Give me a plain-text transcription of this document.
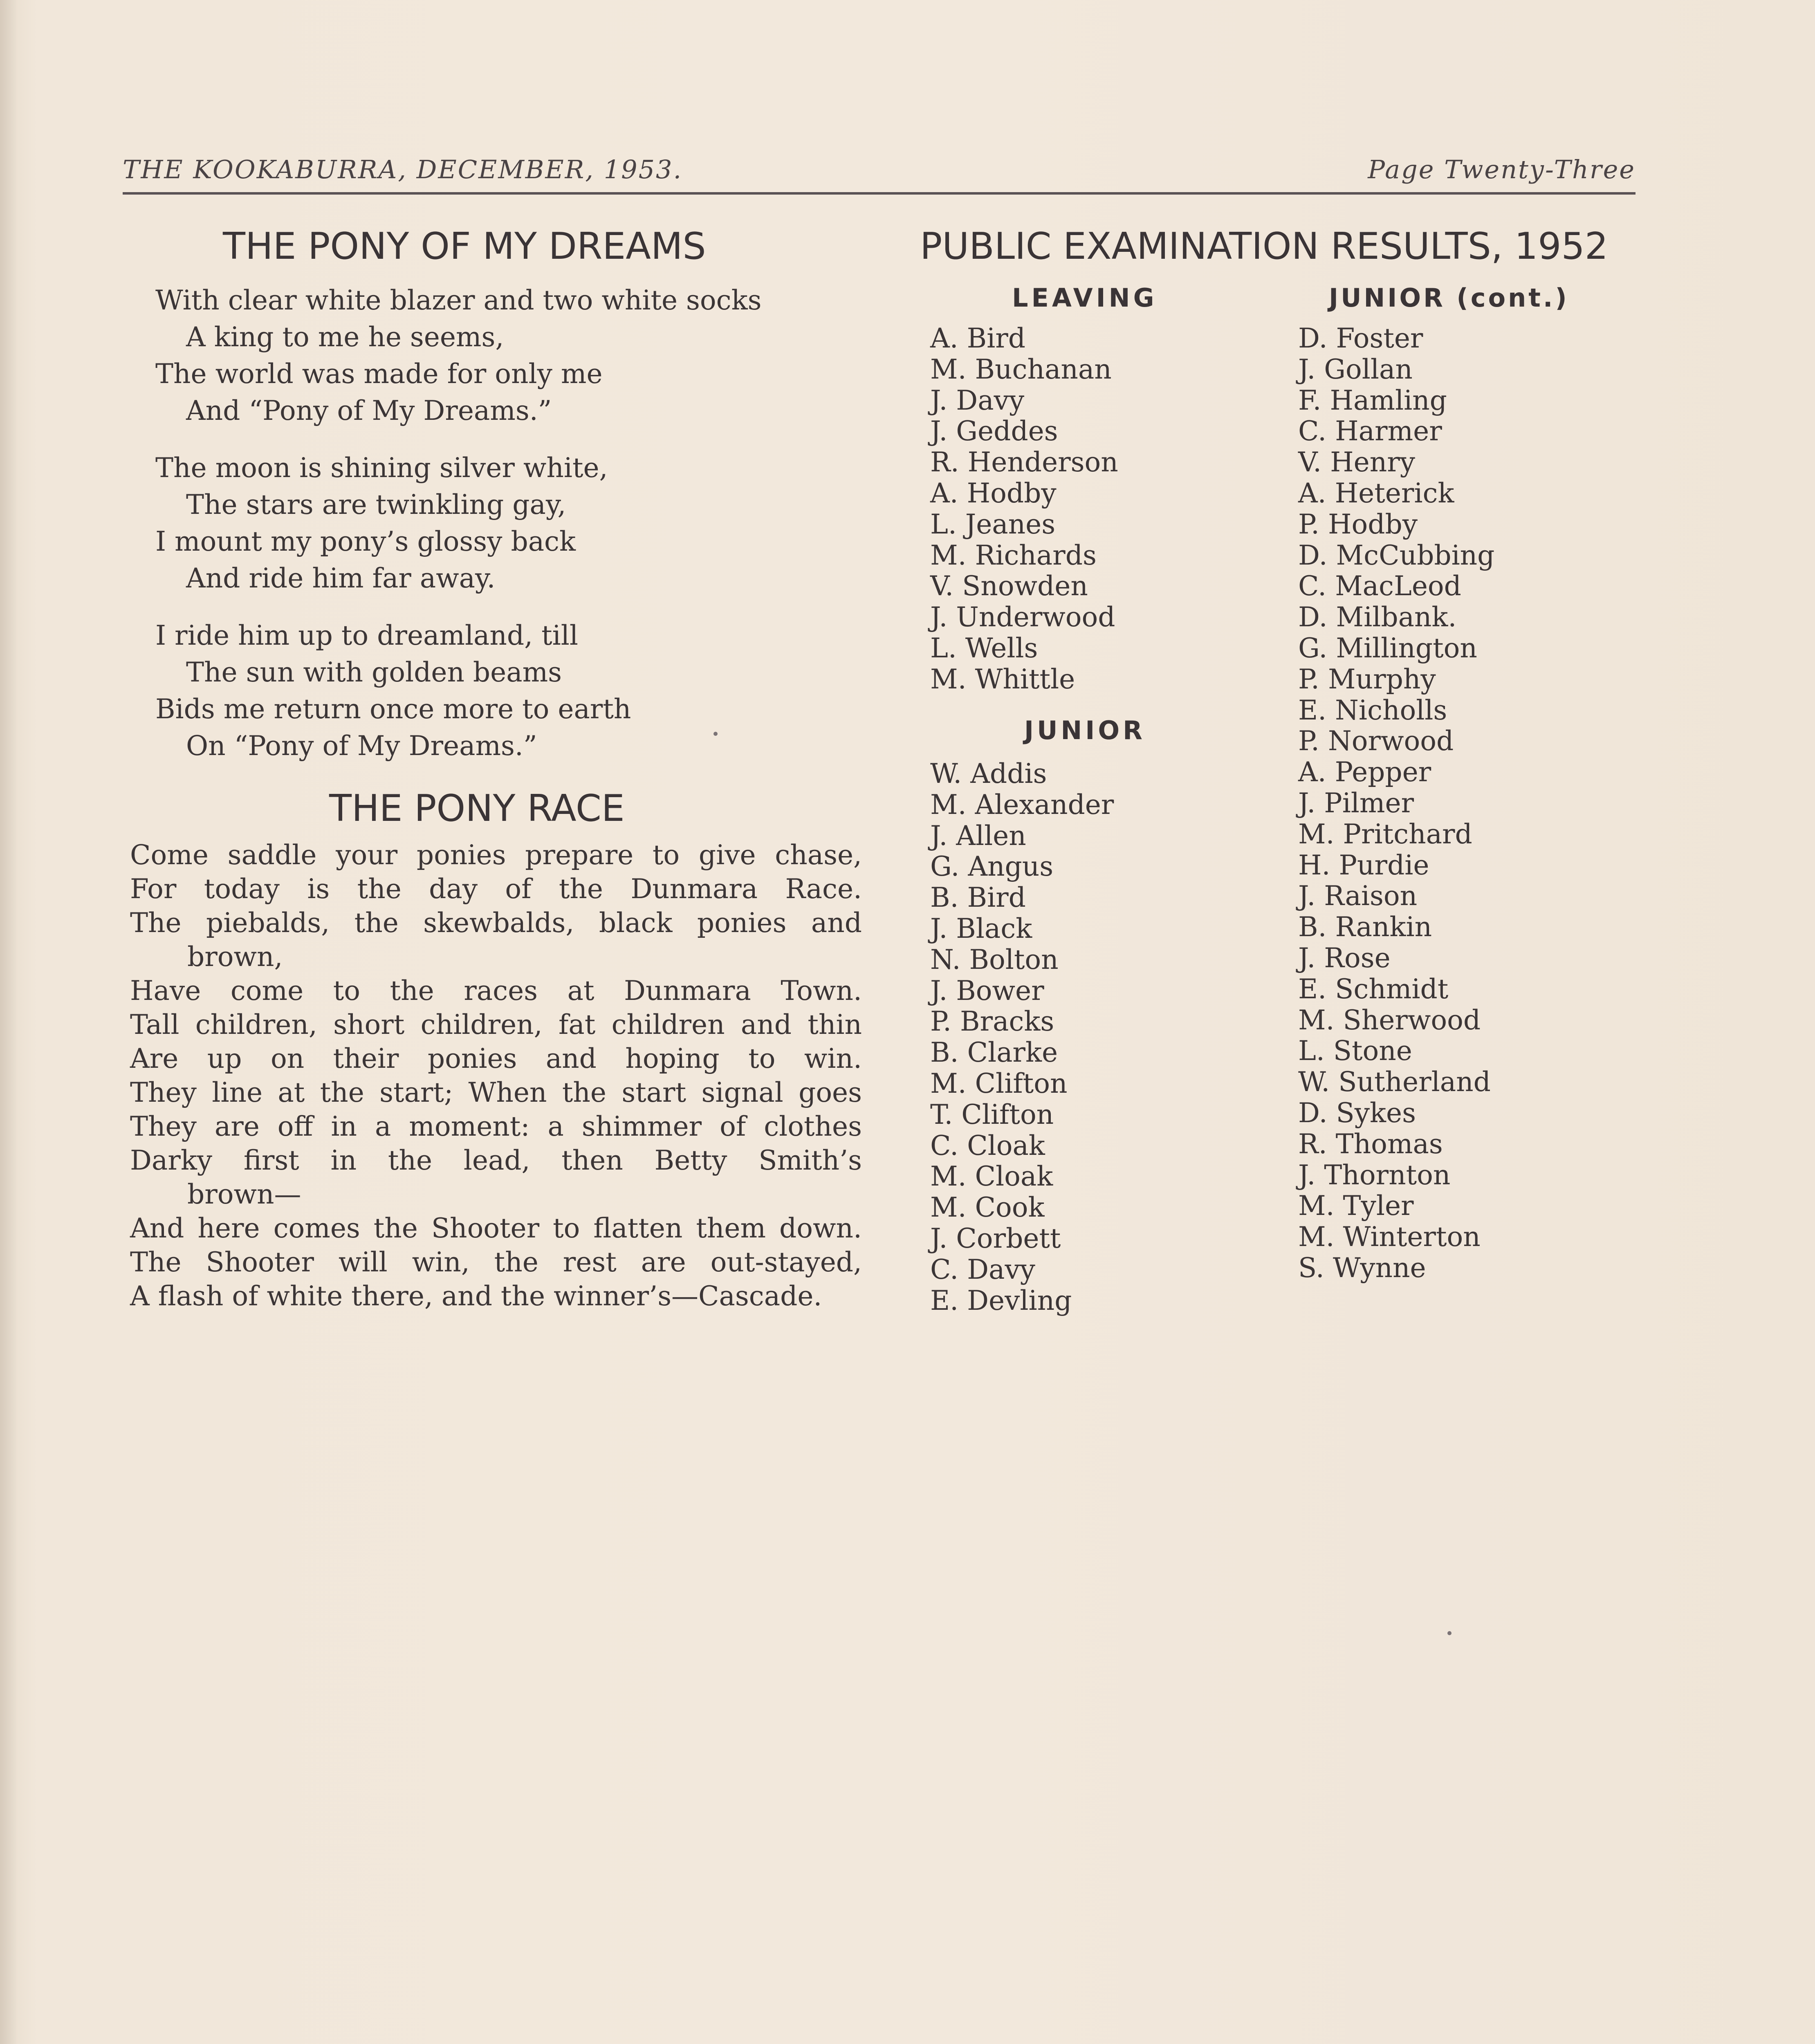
THE KOOKABURRA, DECEMBER, 1953.	Page Twenty-Three
THE PONY OF MY DREAMS
With clear white blazer and two white socks
A king to me he seems,
The world was made for only me
And “Pony of My Dreams.”
The moon is shining silver white,
The stars are twinkling gay,
I mount my pony’s glossy back
And ride him far away.
I ride him up to dreamland, till
The sun with golden beams
Bids me return once more to earth
On “Pony of My Dreams.”
THE PONY RACE
Come saddle your ponies prepare to give chase,
For today is the day of the Dunmara Race.
The piebalds, the skewbalds, black ponies and
brown,
Have come to the races at Dunmara Town.
Tall children, short children, fat children and thin
Are up on their ponies and hoping to win.
They line at the start; When the start signal goes
They are off in a moment: a shimmer of clothes
Darky first in the lead, then Betty Smith’s
brown—
And here comes the Shooter to flatten them down.
The Shooter will win, the rest are out-stayed,
A flash of white there, and the winner’s—Cascade.
PUBLIC EXAMINATION RESULTS, 1952
LEAVING
A. Bird
M. Buchanan
J. Davy
J. Geddes
R. Henderson
A. Hodby
L. Jeanes
M. Richards
V. Snowden
J. Underwood
L. Wells
M. Whittle
JUNIOR
W. Addis
M. Alexander
J. Allen
G. Angus
B. Bird
J. Black
N. Bolton
J. Bower
P. Bracks
B. Clarke
M. Clifton
T. Clifton
C. Cloak
M. Cloak
M. Cook
J. Corbett
C. Davy
E. Devling
JUNIOR (cont.)
D. Foster
J. Gollan
F. Hamling
C. Harmer
V. Henry
A. Heterick
P. Hodby
D. McCubbing
C. MacLeod
D. Milbank.
G. Millington
P. Murphy
E. Nicholls
P. Norwood
A. Pepper
J. Pilmer
M. Pritchard
H. Purdie
J. Raison
B. Rankin
J. Rose
E. Schmidt
M. Sherwood
L. Stone
W. Sutherland
D. Sykes
R. Thomas
J. Thornton
M. Tyler
M. Winterton
S. Wynne
